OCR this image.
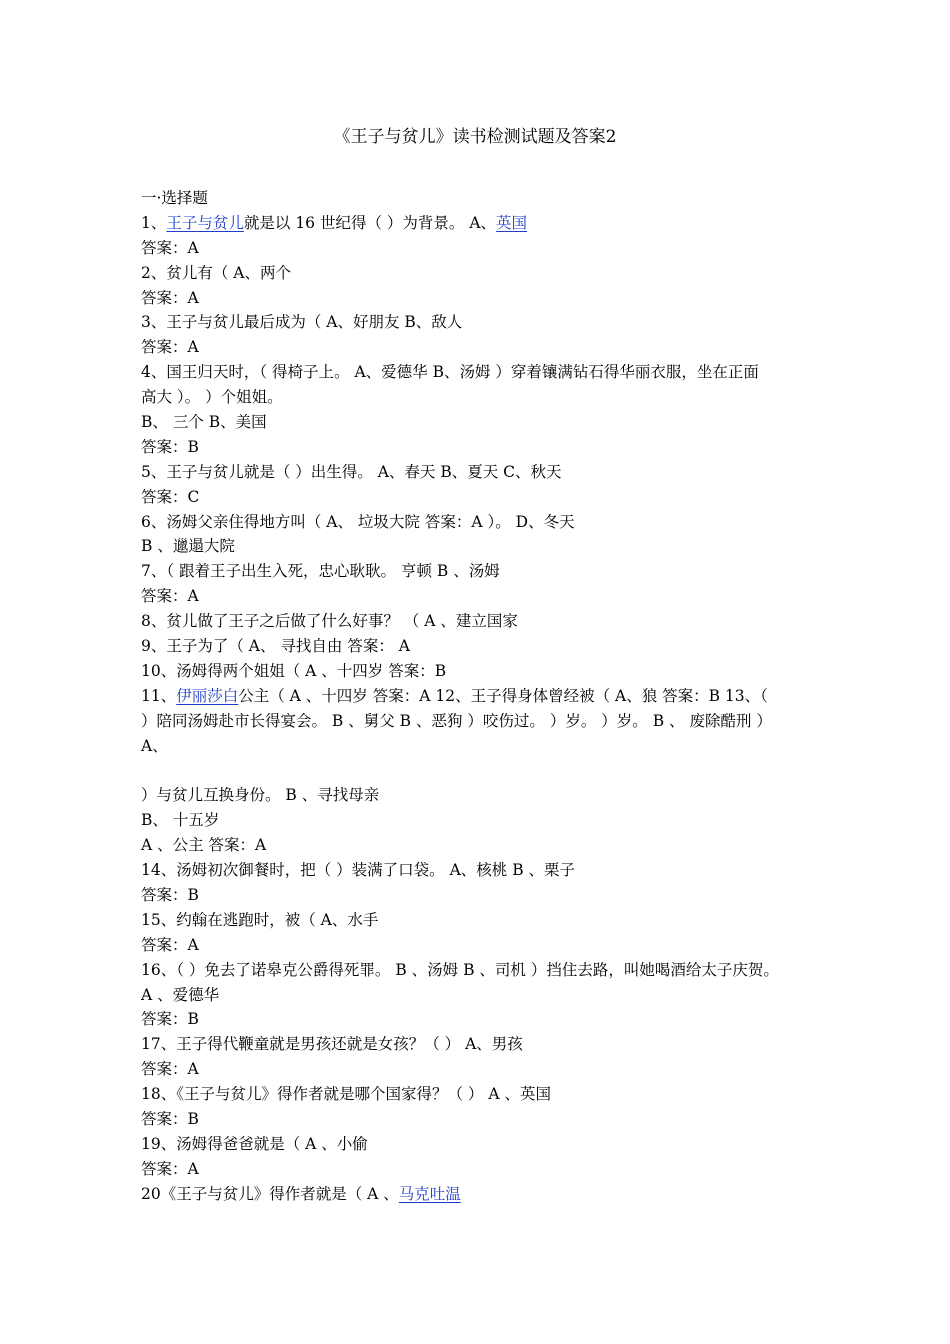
《王子与贫儿》读书检测试题及答案2
一·选择题
1、王子与贫儿就是以 16 世纪得（ ）为背景。 A、英国
答案：A
2、贫儿有（ A、两个
答案：A
3、王子与贫儿最后成为（ A、好朋友 B、敌人
答案：A
4、国王归天时，（ 得椅子上。 A、爱德华 B、汤姆 ）穿着镶满钻石得华丽衣服，坐在正面
高大 ）。 ）个姐姐。
B、 三个 B、美国
答案：B
5、王子与贫儿就是（ ）出生得。 A、春天 B、夏天 C、秋天
答案：C
6、汤姆父亲住得地方叫（ A、 垃圾大院 答案：A ）。 D、冬天
B 、邋遢大院
7、（ 跟着王子出生入死，忠心耿耿。 亨顿 B 、汤姆
答案：A
8、贫儿做了王子之后做了什么好事？ （ A 、建立国家
9、王子为了（ A、 寻找自由 答案： A
10、汤姆得两个姐姐（ A 、十四岁 答案：B
11、伊丽莎白公主（ A 、十四岁 答案：A 12、王子得身体曾经被（ A、狼 答案：B 13、（
）陪同汤姆赴市长得宴会。 B 、舅父 B 、恶狗 ）咬伤过。 ）岁。 ）岁。 B 、 废除酷刑 ）
A、
）与贫儿互换身份。 B 、寻找母亲
B、 十五岁
A 、公主 答案：A
14、汤姆初次御餐时，把（ ）装满了口袋。 A、核桃 B 、栗子
答案：B
15、约翰在逃跑时，被（ A、水手
答案：A
16、（ ）免去了诺皋克公爵得死罪。 B 、汤姆 B 、司机 ）挡住去路，叫她喝酒给太子庆贺。
A 、爱德华
答案：B
17、王子得代鞭童就是男孩还就是女孩？（ ） A、男孩
答案：A
18、《王子与贫儿》得作者就是哪个国家得？（ ） A 、英国
答案：B
19、汤姆得爸爸就是（ A 、小偷
答案：A
20《王子与贫儿》得作者就是（ A 、马克吐温
